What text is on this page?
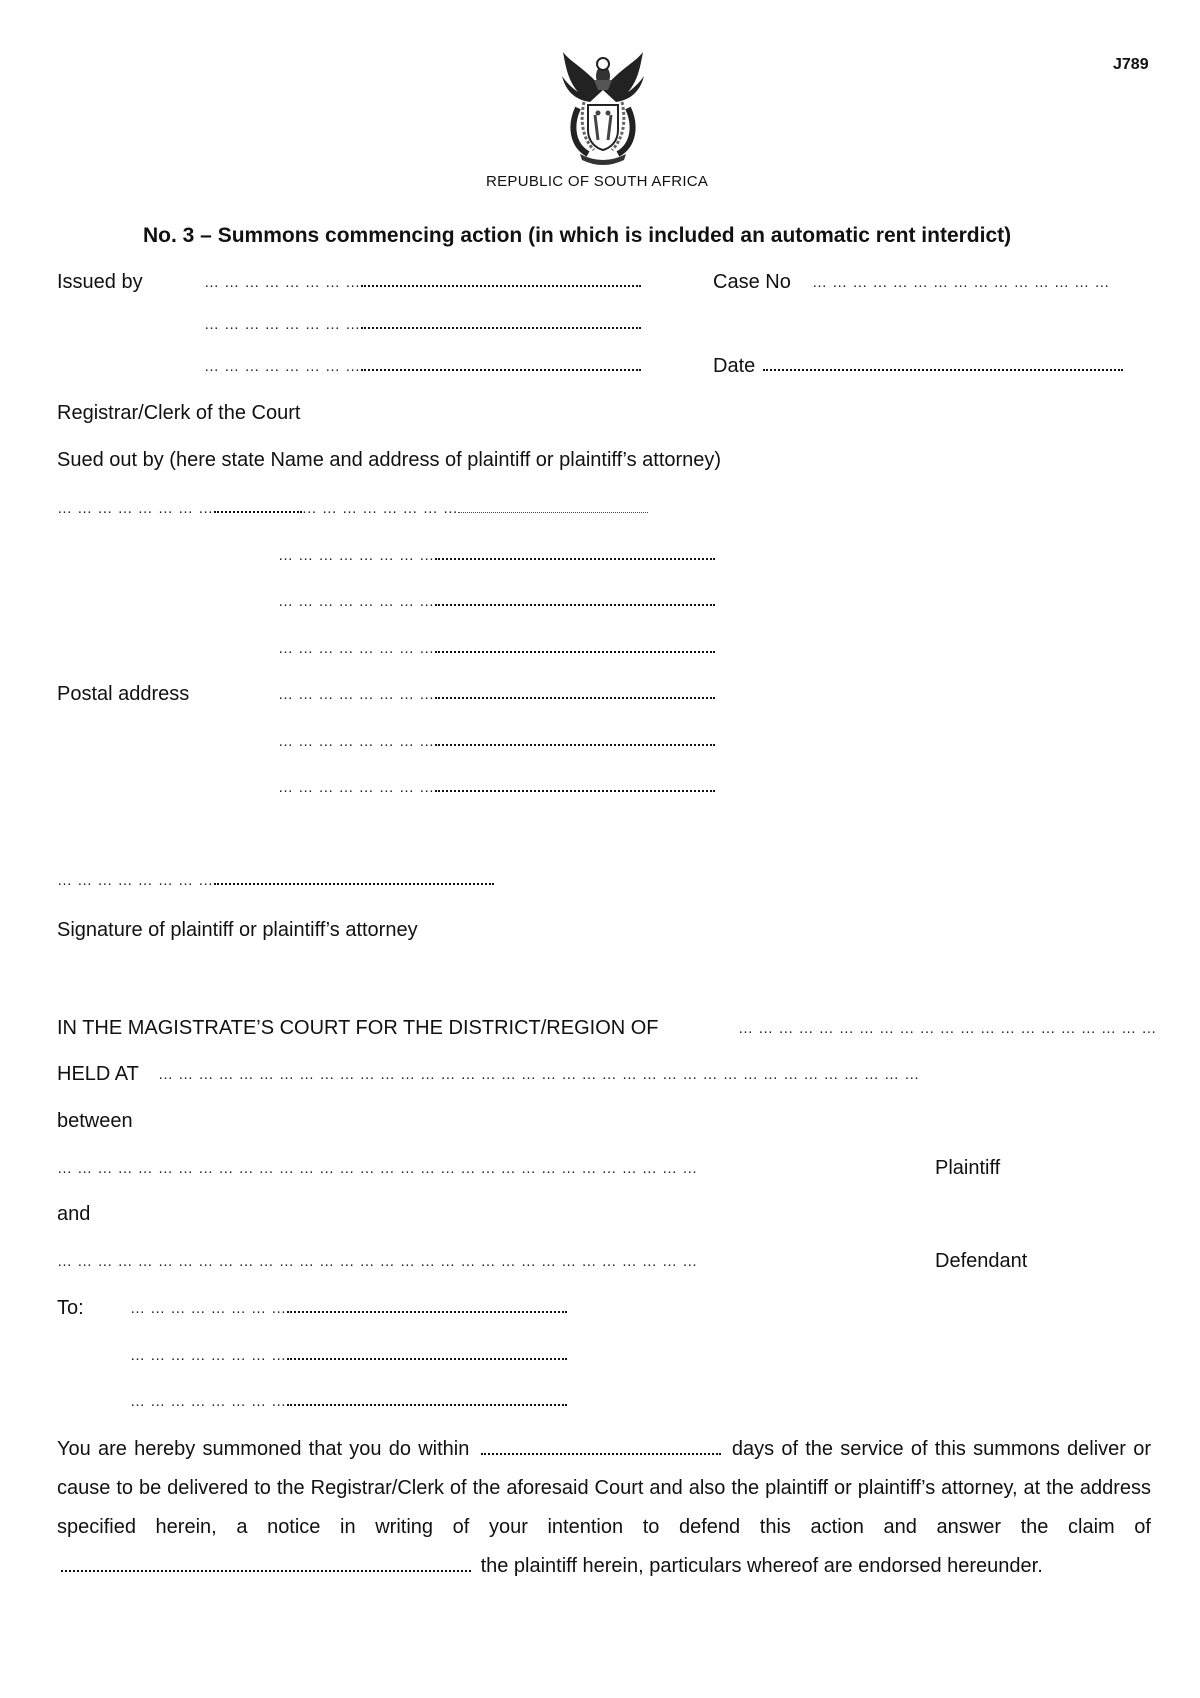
J789
REPUBLIC OF SOUTH AFRICA
No. 3 – Summons commencing action (in which is included an automatic rent interdict)
Issued by	… … … … … … … …
… … … … … … … …
… … … … … … … …
Case No … … … … … … … … … … … … … … …
Date
Registrar/Clerk of the Court
Sued out by (here state Name and address of plaintiff or plaintiff’s attorney)
… … … … … … … …	… … … … … … … …
… … … … … … … …
… … … … … … … …
… … … … … … … …
Postal address	… … … … … … … …
… … … … … … … …
… … … … … … … …
… … … … … … … …
Signature of plaintiff or plaintiff’s attorney
IN THE MAGISTRATE’S COURT FOR THE DISTRICT/REGION OF	… … … … … … … … … … … … … … … … … … … … …
HELD AT … … … … … … … … … … … … … … … … … … … … … … … … … … … … … … … … … … … … … …
between
… … … … … … … … … … … … … … … … … … … … … … … … … … … … … … … …	Plaintiff
and
… … … … … … … … … … … … … … … … … … … … … … … … … … … … … … … …	Defendant
To:	… … … … … … … …
… … … … … … … …
… … … … … … … …
You are hereby summoned that you do within	days of the service of this summons deliver or cause to be delivered to the Registrar/Clerk of the aforesaid Court and also the plaintiff or plaintiff’s attorney, at the address specified herein, a notice in writing of your intention to defend this action and answer the claim of  the plaintiff herein, particulars whereof are endorsed hereunder.
